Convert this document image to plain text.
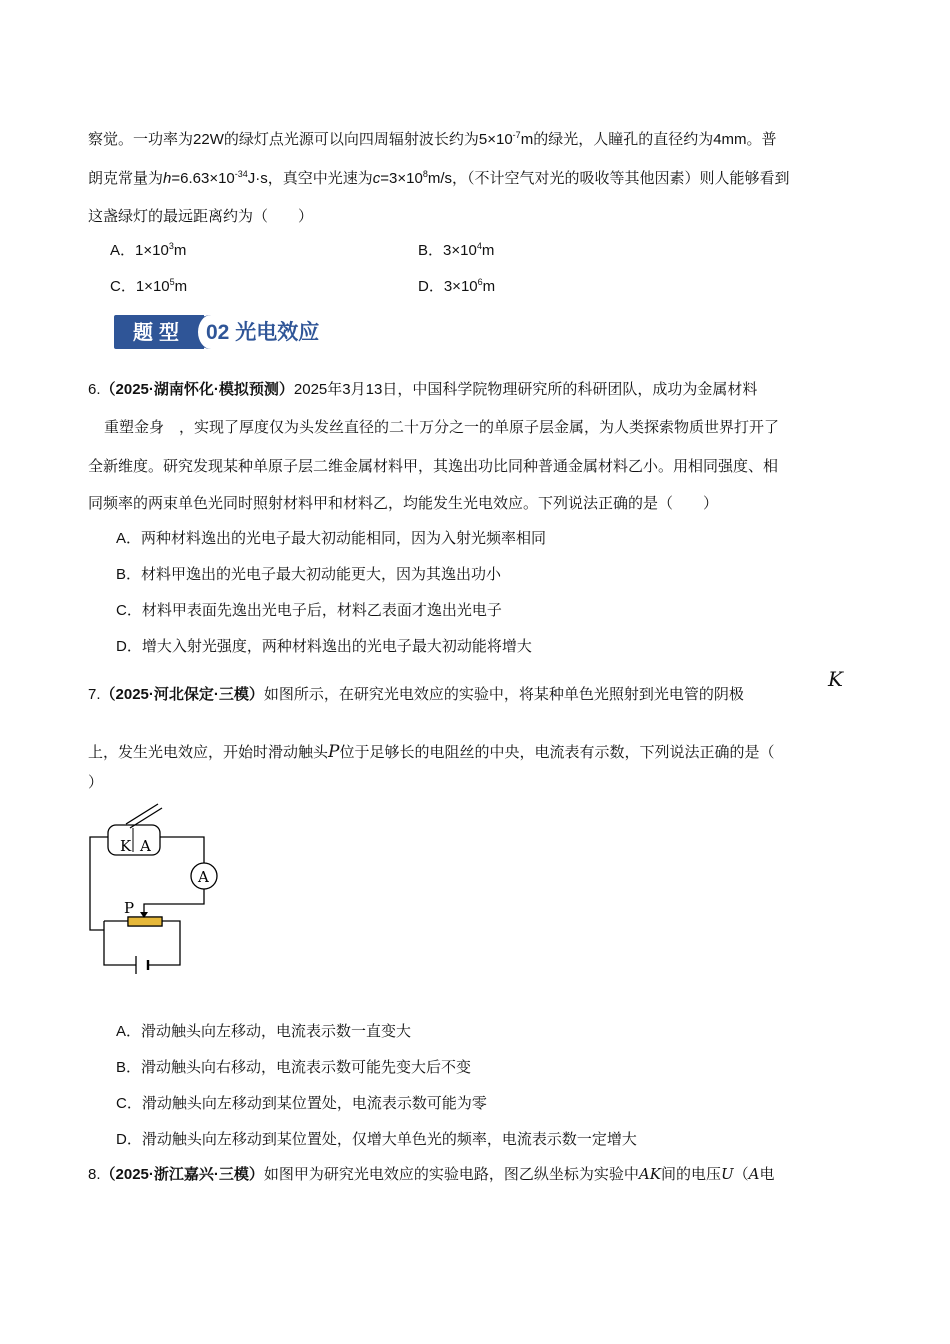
察觉。一功率为22W的绿灯点光源可以向四周辐射波长约为$5\times 10^{-7}m$的绿光，人瞳孔的直径约为4mm。普
朗克常量为$h=6.63\times 10^{-34}J\cdot s$，真空中光速为$c=3\times 10^8m/s$，（不计空气对光的吸收等其他因素）则人能够看到
这盏绿灯的最远距离约为（　　）
A．$1\times 10^3m$	B．$3\times 10^4m$
C．$1\times 10^5m$	D．$3\times 10^6m$
题型	02 光电效应
6.（2025·湖南怀化·模拟预测）2025年3月13日，中国科学院物理研究所的科研团队，成功为金属材料
重塑金身　，实现了厚度仅为头发丝直径的二十万分之一的单原子层金属，为人类探索物质世界打开了
全新维度。研究发现某种单原子层二维金属材料甲，其逸出功比同种普通金属材料乙小。用相同强度、相
同频率的两束单色光同时照射材料甲和材料乙，均能发生光电效应。下列说法正确的是（　　）
A．两种材料逸出的光电子最大初动能相同，因为入射光频率相同
B．材料甲逸出的光电子最大初动能更大，因为其逸出功小
C．材料甲表面先逸出光电子后，材料乙表面才逸出光电子
D．增大入射光强度，两种材料逸出的光电子最大初动能将增大
7.（2025·河北保定·三模）如图所示，在研究光电效应的实验中，将某种单色光照射到光电管的阴极
K
上，发生光电效应，开始时滑动触头P位于足够长的电阻丝的中央，电流表有示数，下列说法正确的是（
）
K A
A
P
A．滑动触头向左移动，电流表示数一直变大
B．滑动触头向右移动，电流表示数可能先变大后不变
C．滑动触头向左移动到某位置处，电流表示数可能为零
D．滑动触头向左移动到某位置处，仅增大单色光的频率，电流表示数一定增大
8.（2025·浙江嘉兴·三模）如图甲为研究光电效应的实验电路，图乙纵坐标为实验中AK间的电压U（A电
